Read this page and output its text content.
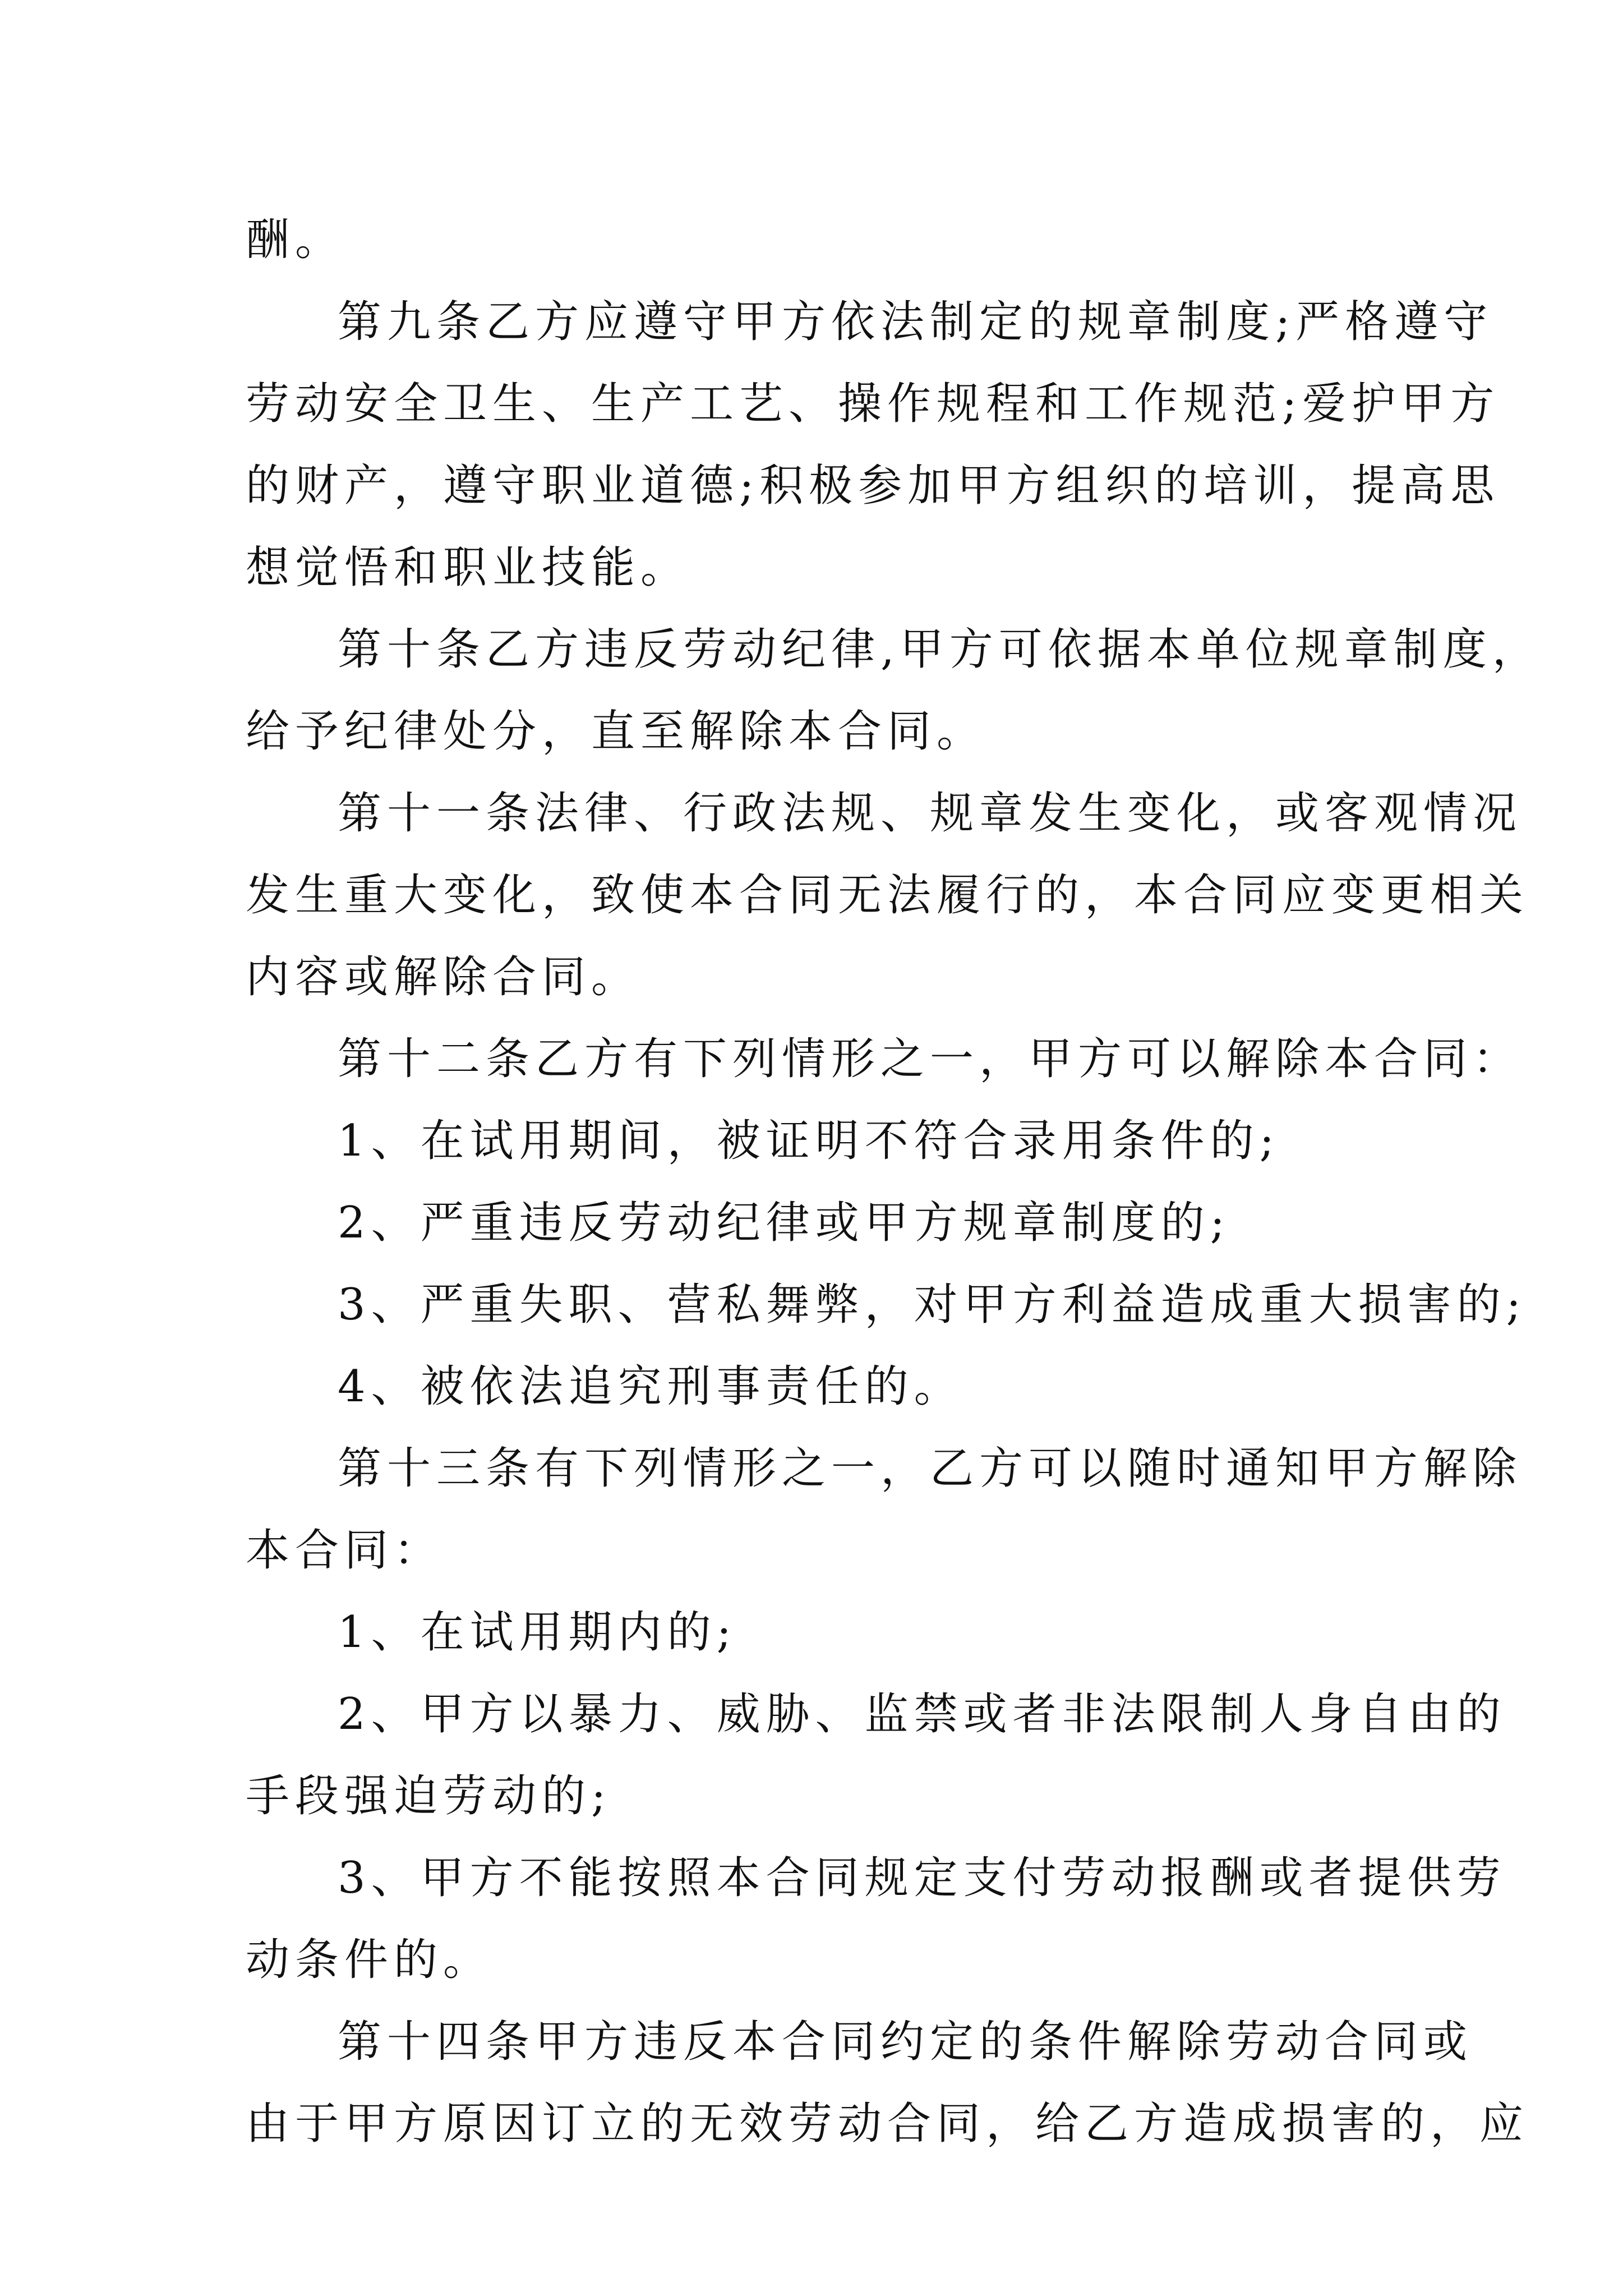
酬。
第九条乙方应遵守甲方依法制定的规章制度;严格遵守
劳动安全卫生、生产工艺、操作规程和工作规范;爱护甲方
的财产，遵守职业道德;积极参加甲方组织的培训，提高思
想觉悟和职业技能。
第十条乙方违反劳动纪律,甲方可依据本单位规章制度，
给予纪律处分，直至解除本合同。
第十一条法律、行政法规、规章发生变化，或客观情况
发生重大变化，致使本合同无法履行的，本合同应变更相关
内容或解除合同。
第十二条乙方有下列情形之一，甲方可以解除本合同：
1、在试用期间，被证明不符合录用条件的;
2、严重违反劳动纪律或甲方规章制度的;
3、严重失职、营私舞弊，对甲方利益造成重大损害的;
4、被依法追究刑事责任的。
第十三条有下列情形之一，乙方可以随时通知甲方解除
本合同：
1、在试用期内的;
2、甲方以暴力、威胁、监禁或者非法限制人身自由的
手段强迫劳动的;
3、甲方不能按照本合同规定支付劳动报酬或者提供劳
动条件的。
第十四条甲方违反本合同约定的条件解除劳动合同或
由于甲方原因订立的无效劳动合同，给乙方造成损害的，应
